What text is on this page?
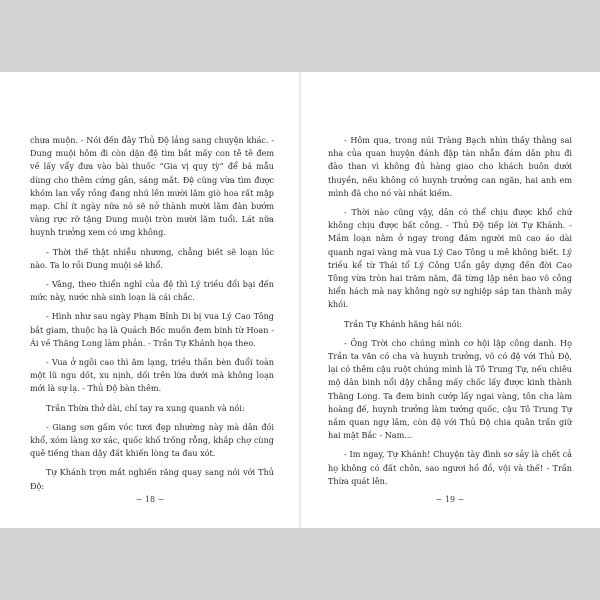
chưa muộn. - Nói đến đây Thủ Độ lảng sang chuyện khác. - Dung muội hôm đi còn dặn đệ tìm bắt mấy con tê tê đem về lấy vẩy đưa vào bài thuốc “Gia vị quy tỳ” để bá mẫu dùng cho thêm cứng gân, sáng mắt. Đệ cũng vừa tìm được khóm lan vẩy rồng đang nhú lên mười lăm giò hoa rất mập mạp. Chỉ ít ngày nữa nó sẽ nở thành mười lăm đàn bướm vàng rực rỡ tặng Dung muội tròn mười lăm tuổi. Lát nữa huynh trưởng xem có ưng không.

- Thời thế thật nhiễu nhương, chẳng biết sẽ loạn lúc nào. Ta lo rồi Dung muội sẽ khổ.

- Vâng, theo thiển nghĩ của đệ thì Lý triều đổi bại đến mức này, nước nhà sinh loạn là cái chắc.

- Hình như sau ngày Phạm Bỉnh Di bị vua Lý Cao Tông bắt giam, thuộc hạ là Quách Bốc muốn đem binh từ Hoan - Ái về Thăng Long làm phản. - Trần Tự Khánh họa theo.

- Vua ở ngôi cao thì ăm lạng, triều thần bèn đuổi toàn một lũ ngu dốt, xu nịnh, dối trên lừa dưới mà không loạn mới là sự lạ. - Thủ Độ bàn thêm.

Trần Thừa thở dài, chỉ tay ra xung quanh và nói:

- Giang sơn gấm vóc tươi đẹp nhường này mà dân đói khổ, xóm làng xơ xác, quốc khố trống rỗng, khắp chợ cùng quê tiếng than dậy đất khiến lòng ta đau xót.

Tự Khánh trợn mắt nghiến răng quay sang nói với Thủ Độ:

~ 18 ~

- Hôm qua, trong núi Tràng Bạch nhìn thấy thằng sai nha của quan huyện đánh đập tàn nhẫn đám dân phu đi đào than vì không đủ hàng giao cho khách buôn dưới thuyền, nếu không có huynh trưởng can ngăn, hai anh em mình đã cho nó vài nhát kiếm.

- Thời nào cũng vậy, dân có thể chịu được khổ chứ không chịu được bất công. - Thủ Độ tiếp lời Tự Khánh. - Mầm loạn nằm ở ngay trong đám người mũ cao áo dài quanh ngai vàng mà vua Lý Cao Tông u mê không biết. Lý triều kể từ Thái tổ Lý Công Uẩn gây dựng đến đời Cao Tông vừa tròn hai trăm năm, đã từng lập nên bao võ công hiển hách mà nay không ngờ sự nghiệp sáp tan thành mây khói.

Trần Tự Khánh hăng hái nói:

- Ông Trời cho chúng mình cơ hội lập công danh. Họ Trần ta văn có cha và huynh trưởng, võ có đệ với Thủ Độ, lại có thêm cậu ruột chúng mình là Tô Trung Tự, nếu chiêu mộ dân binh nổi dậy chẳng mấy chốc lấy được kinh thành Thăng Long. Ta đem binh cướp lấy ngai vàng, tôn cha làm hoàng đế, huynh trưởng làm tướng quốc, cậu Tô Trung Tự nắm quan ngự lâm, còn đệ với Thủ Độ chia quân trấn giữ hai mặt Bắc - Nam...

- Im ngay, Tự Khánh! Chuyện tày đình sơ sảy là chết cả họ không có đất chôn, sao ngươi hồ đồ, vội và thế! - Trần Thừa quát lên.

~ 19 ~
